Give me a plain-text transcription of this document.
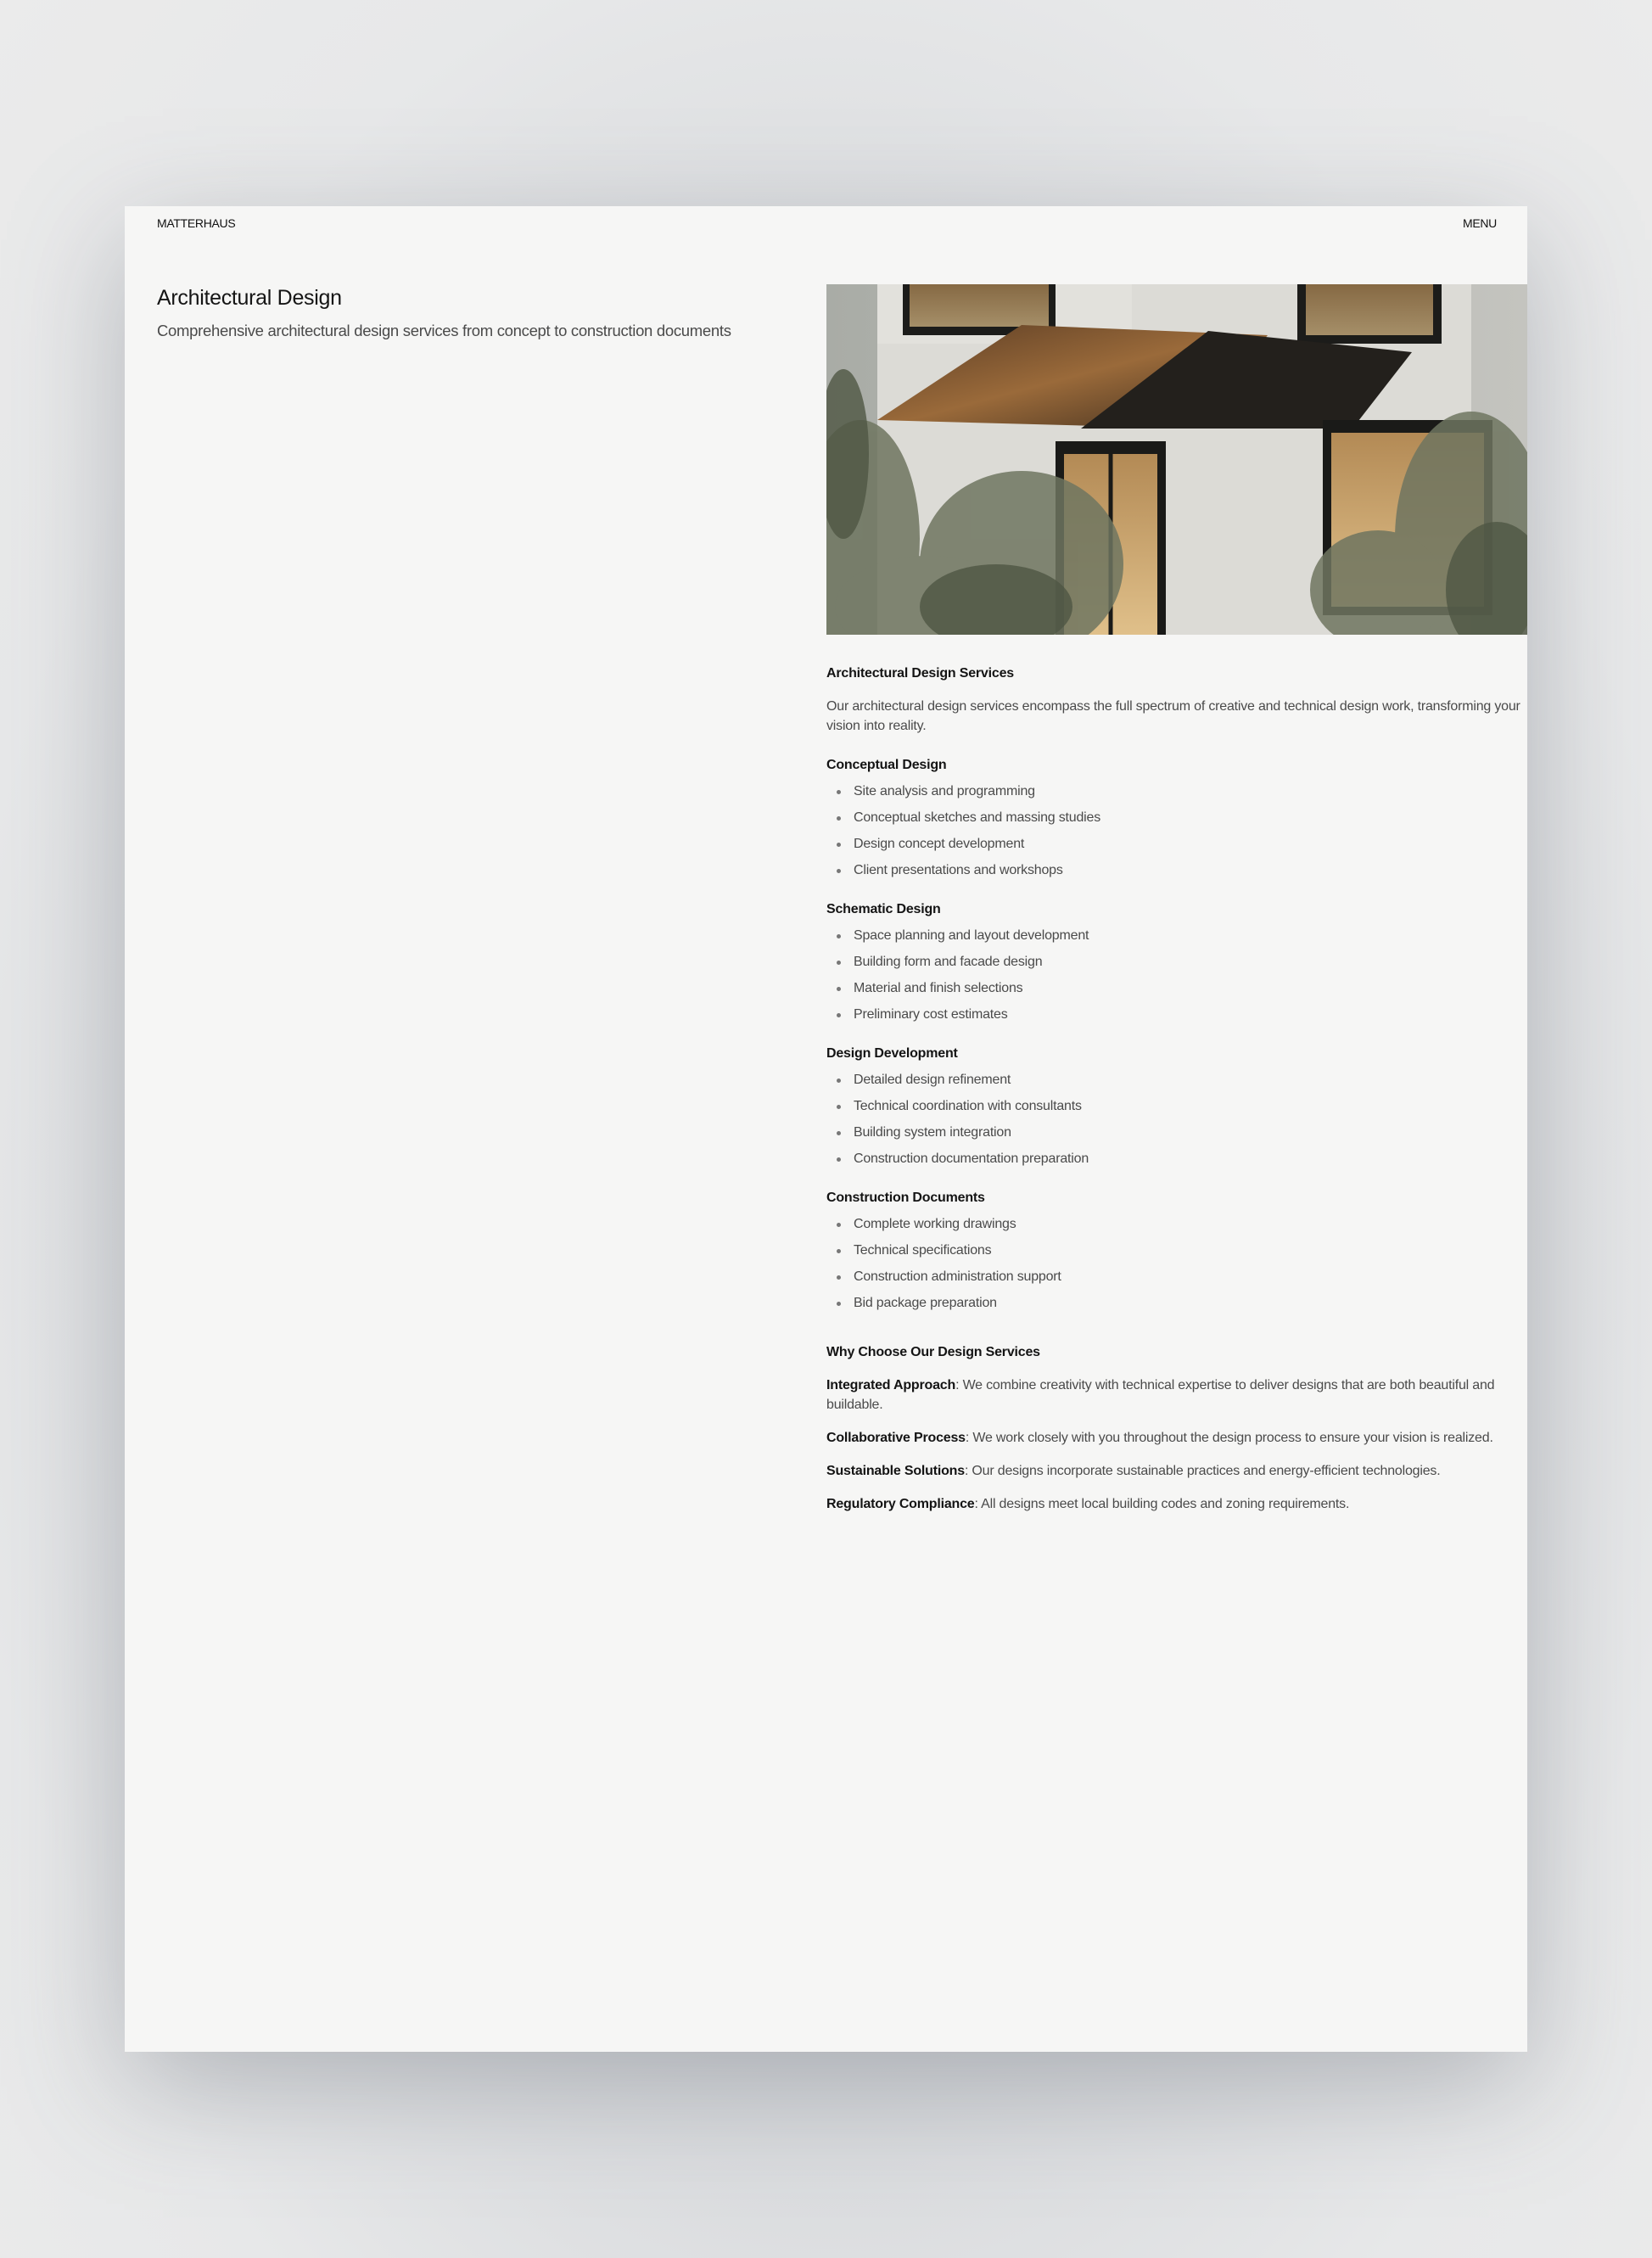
MATTERHAUS	MENU
Architectural Design
Comprehensive architectural design services from concept to construction documents
Architectural Design Services

Our architectural design services encompass the full spectrum of creative and technical design work, transforming your vision into reality.

Conceptual Design
Site analysis and programming
Conceptual sketches and massing studies
Design concept development
Client presentations and workshops
Schematic Design
Space planning and layout development
Building form and facade design
Material and finish selections
Preliminary cost estimates
Design Development
Detailed design refinement
Technical coordination with consultants
Building system integration
Construction documentation preparation
Construction Documents
Complete working drawings
Technical specifications
Construction administration support
Bid package preparation
Why Choose Our Design Services

Integrated Approach: We combine creativity with technical expertise to deliver designs that are both beautiful and buildable.

Collaborative Process: We work closely with you throughout the design process to ensure your vision is realized.

Sustainable Solutions: Our designs incorporate sustainable practices and energy-efficient technologies.

Regulatory Compliance: All designs meet local building codes and zoning requirements.
